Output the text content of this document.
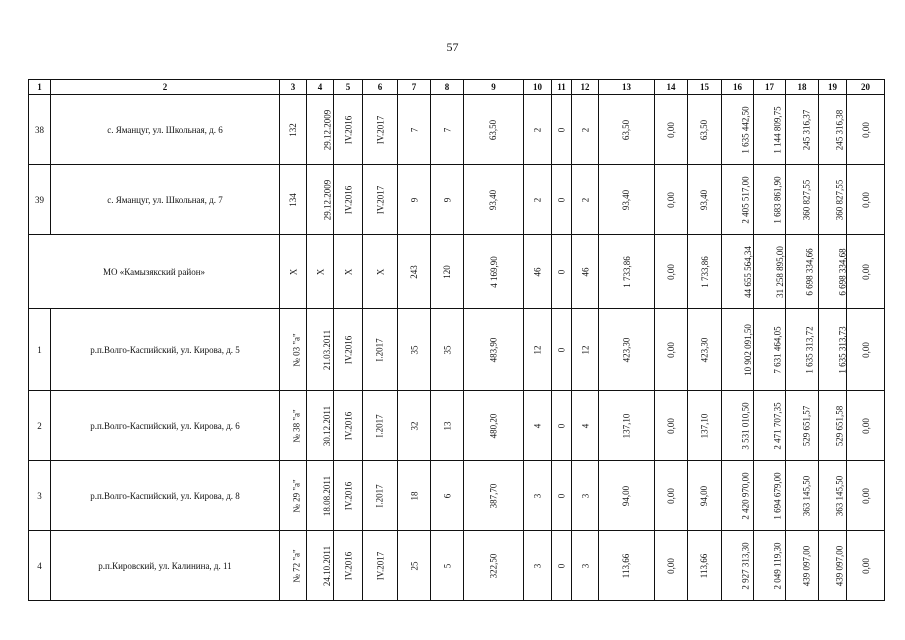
57
1	2	3	4	5	6	7	8	9	10	11	12	13	14	15	16	17	18	19	20
38	с. Яманцуг, ул. Школьная, д. 6	132	29.12.2009	IV.2016	IV.2017	7	7	63,50	2	0	2	63,50	0,00	63,50	1 635 442,50	1 144 809,75	245 316,37	245 316,38	0,00
39	с. Яманцуг, ул. Школьная, д. 7	134	29.12.2009	IV.2016	IV.2017	9	9	93,40	2	0	2	93,40	0,00	93,40	2 405 517,00	1 683 861,90	360 827,55	360 827,55	0,00
МО «Камызякский район»		Х	Х	Х	Х	243	120	4 169,90	46	0	46	1 733,86	0,00	1 733,86	44 655 564,34	31 258 895,00	6 698 334,66	6 698 334,68	0,00
1	р.п.Волго-Каспийский, ул. Кирова, д. 5	№ 03 "а"	21.03.2011	IV.2016	I.2017	35	35	483,90	12	0	12	423,30	0,00	423,30	10 902 091,50	7 631 464,05	1 635 313,72	1 635 313,73	0,00
2	р.п.Волго-Каспийский, ул. Кирова, д. 6	№ 38 "а"	30.12.2011	IV.2016	I.2017	32	13	480,20	4	0	4	137,10	0,00	137,10	3 531 010,50	2 471 707,35	529 651,57	529 651,58	0,00
3	р.п.Волго-Каспийский, ул. Кирова, д. 8	№ 29 "а"	18.08.2011	IV.2016	I.2017	18	6	387,70	3	0	3	94,00	0,00	94,00	2 420 970,00	1 694 679,00	363 145,50	363 145,50	0,00
4	р.п.Кировский, ул. Калинина, д. 11	№ 72 "а"	24.10.2011	IV.2016	IV.2017	25	5	322,50	3	0	3	113,66	0,00	113,66	2 927 313,30	2 049 119,30	439 097,00	439 097,00	0,00
